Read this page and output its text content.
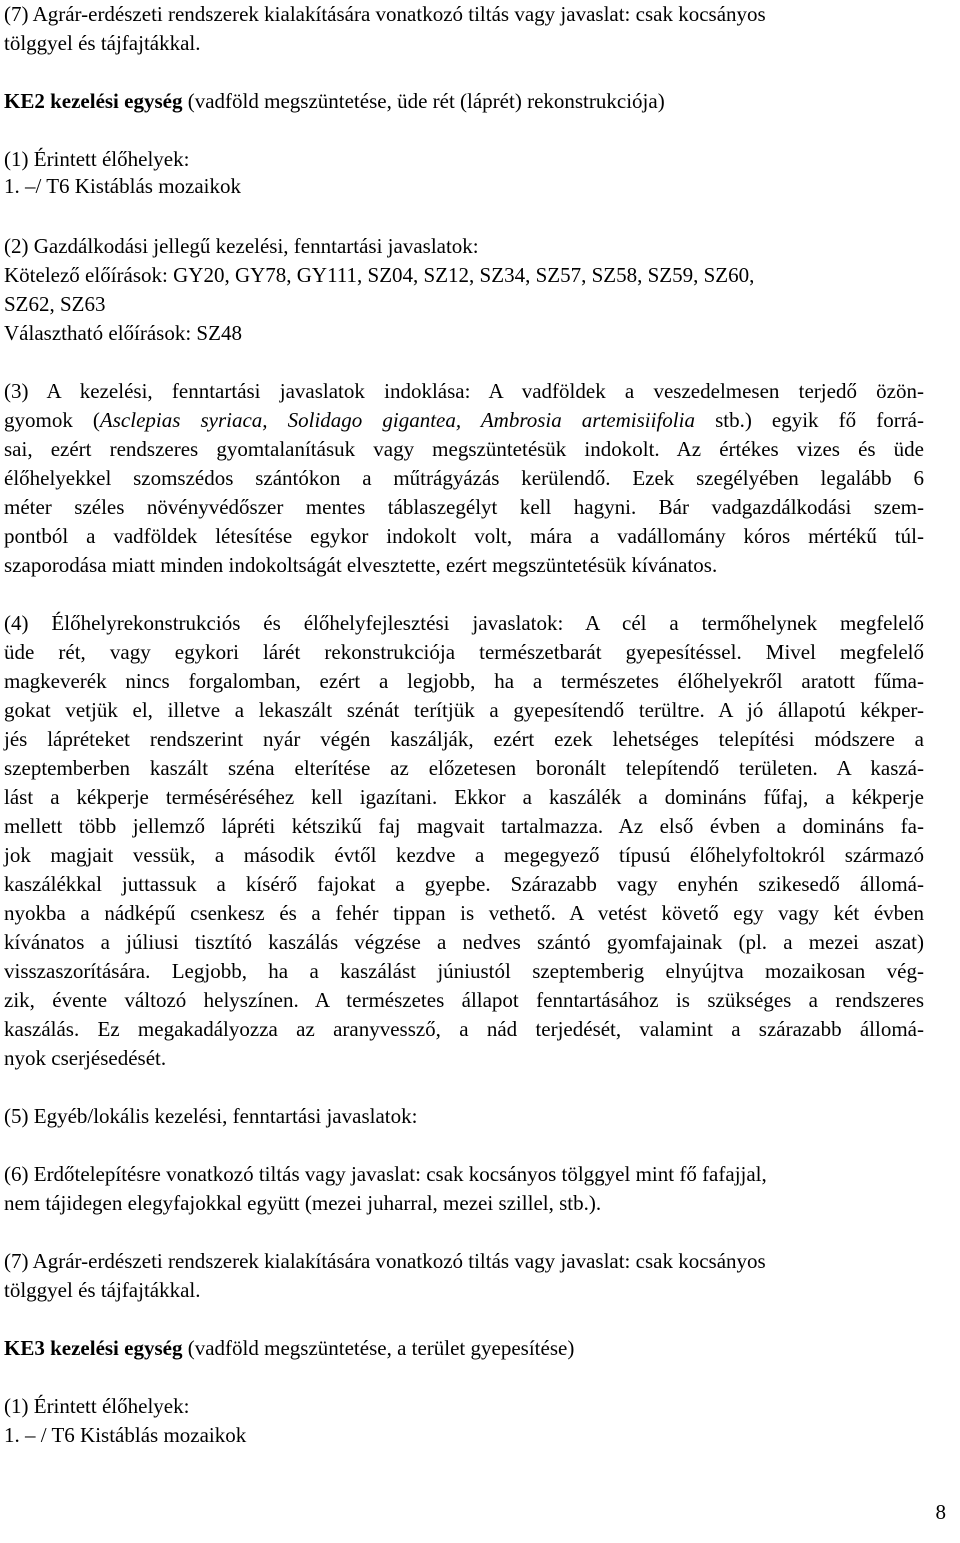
(7) Agrár-erdészeti rendszerek kialakítására vonatkozó tiltás vagy javaslat: csak kocsányos
tölggyel és tájfajtákkal.
KE2 kezelési egység (vadföld megszüntetése, üde rét (láprét) rekonstrukciója)
(1) Érintett élőhelyek:
1. –/ T6 Kistáblás mozaikok
(2) Gazdálkodási jellegű kezelési, fenntartási javaslatok:
Kötelező előírások: GY20, GY78, GY111, SZ04, SZ12, SZ34, SZ57, SZ58, SZ59, SZ60,
SZ62, SZ63
Választható előírások: SZ48
(3) A kezelési, fenntartási javaslatok indoklása: A vadföldek a veszedelmesen terjedő özön-
gyomok (Asclepias syriaca, Solidago gigantea, Ambrosia artemisiifolia stb.) egyik fő forrá-
sai, ezért rendszeres gyomtalanításuk vagy megszüntetésük indokolt. Az értékes vizes és üde
élőhelyekkel szomszédos szántókon a műtrágyázás kerülendő. Ezek szegélyében legalább 6
méter széles növényvédőszer mentes táblaszegélyt kell hagyni. Bár vadgazdálkodási szem-
pontból a vadföldek létesítése egykor indokolt volt, mára a vadállomány kóros mértékű túl-
szaporodása miatt minden indokoltságát elvesztette, ezért megszüntetésük kívánatos.
(4) Élőhelyrekonstrukciós és élőhelyfejlesztési javaslatok: A cél a termőhelynek megfelelő
üde rét, vagy egykori lárét rekonstrukciója természetbarát gyepesítéssel. Mivel megfelelő
magkeverék nincs forgalomban, ezért a legjobb, ha a természetes élőhelyekről aratott fűma-
gokat vetjük el, illetve a lekaszált szénát terítjük a gyepesítendő terültre. A jó állapotú kékper-
jés lápréteket rendszerint nyár végén kaszálják, ezért ezek lehetséges telepítési módszere a
szeptemberben kaszált széna elterítése az előzetesen boronált telepítendő területen. A kaszá-
lást a kékperje terméséréséhez kell igazítani. Ekkor a kaszálék a domináns fűfaj, a kékperje
mellett több jellemző lápréti kétszikű faj magvait tartalmazza. Az első évben a domináns fa-
jok magjait vessük, a második évtől kezdve a megegyező típusú élőhelyfoltokról származó
kaszálékkal juttassuk a kísérő fajokat a gyepbe. Szárazabb vagy enyhén szikesedő állomá-
nyokba a nádképű csenkesz és a fehér tippan is vethető. A vetést követő egy vagy két évben
kívánatos a júliusi tisztító kaszálás végzése a nedves szántó gyomfajainak (pl. a mezei aszat)
visszaszorítására. Legjobb, ha a kaszálást júniustól szeptemberig elnyújtva mozaikosan vég-
zik, évente változó helyszínen. A természetes állapot fenntartásához is szükséges a rendszeres
kaszálás. Ez megakadályozza az aranyvessző, a nád terjedését, valamint a szárazabb állomá-
nyok cserjésedését.
(5) Egyéb/lokális kezelési, fenntartási javaslatok:
(6) Erdőtelepítésre vonatkozó tiltás vagy javaslat: csak kocsányos tölggyel mint fő fafajjal,
nem tájidegen elegyfajokkal együtt (mezei juharral, mezei szillel, stb.).
(7) Agrár-erdészeti rendszerek kialakítására vonatkozó tiltás vagy javaslat: csak kocsányos
tölggyel és tájfajtákkal.
KE3 kezelési egység (vadföld megszüntetése, a terület gyepesítése)
(1) Érintett élőhelyek:
1. – / T6 Kistáblás mozaikok
8
